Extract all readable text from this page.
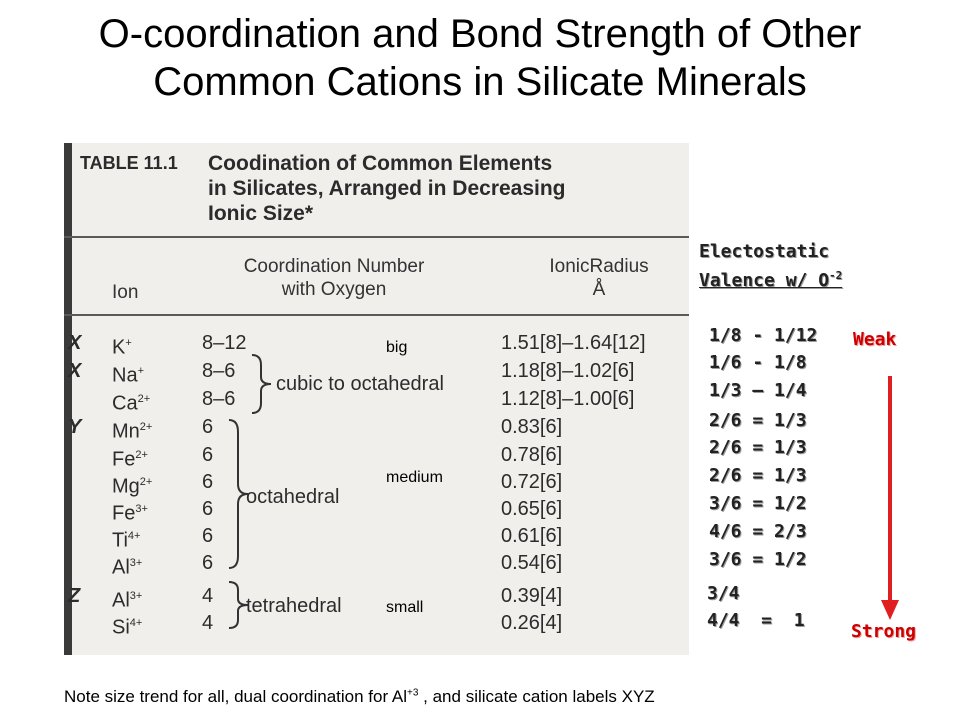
O-coordination and Bond Strength of Other
Common Cations in Silicate Minerals
TABLE 11.1 Coodination of Common Elements
in Silicates, Arranged in Decreasing
Ionic Size*
Ion
Coordination Number
with Oxygen
IonicRadius
Å
X K+	8–12	1.51[8]–1.64[12]
X Na+	8–6	1.18[8]–1.02[6]
$Ca^{2+}$	8–6	1.12[8]–1.00[6]
Y $Mn^{2+}$ 6	0.83[6]
$Fe^{2+}$	6	0.78[6]
$Mg^{2+}$ 6	0.72[6]
$Fe^{3+}$	6	0.65[6]
$Ti^{4+}$	6	0.61[6]
$Al^{3+}$	6	0.54[6]
Z $Al^{3+}$	4	0.39[4]
$Si^{4+}$	4	0.26[4]
cubic to octahedral
octahedral
tetrahedral
big
medium
small
Electostatic
Valence w/ $O^{-2}$
1/8 - 1/12
1/6 - 1/8
1/3 – 1/4
2/6 = 1/3
2/6 = 1/3
2/6 = 1/3
3/6 = 1/2
4/6 = 2/3
3/6 = 1/2
3/4
4/4  =  1
Weak
Strong
Note size trend for all, dual coordination for $Al^{+3}$ , and silicate cation labels XYZ
